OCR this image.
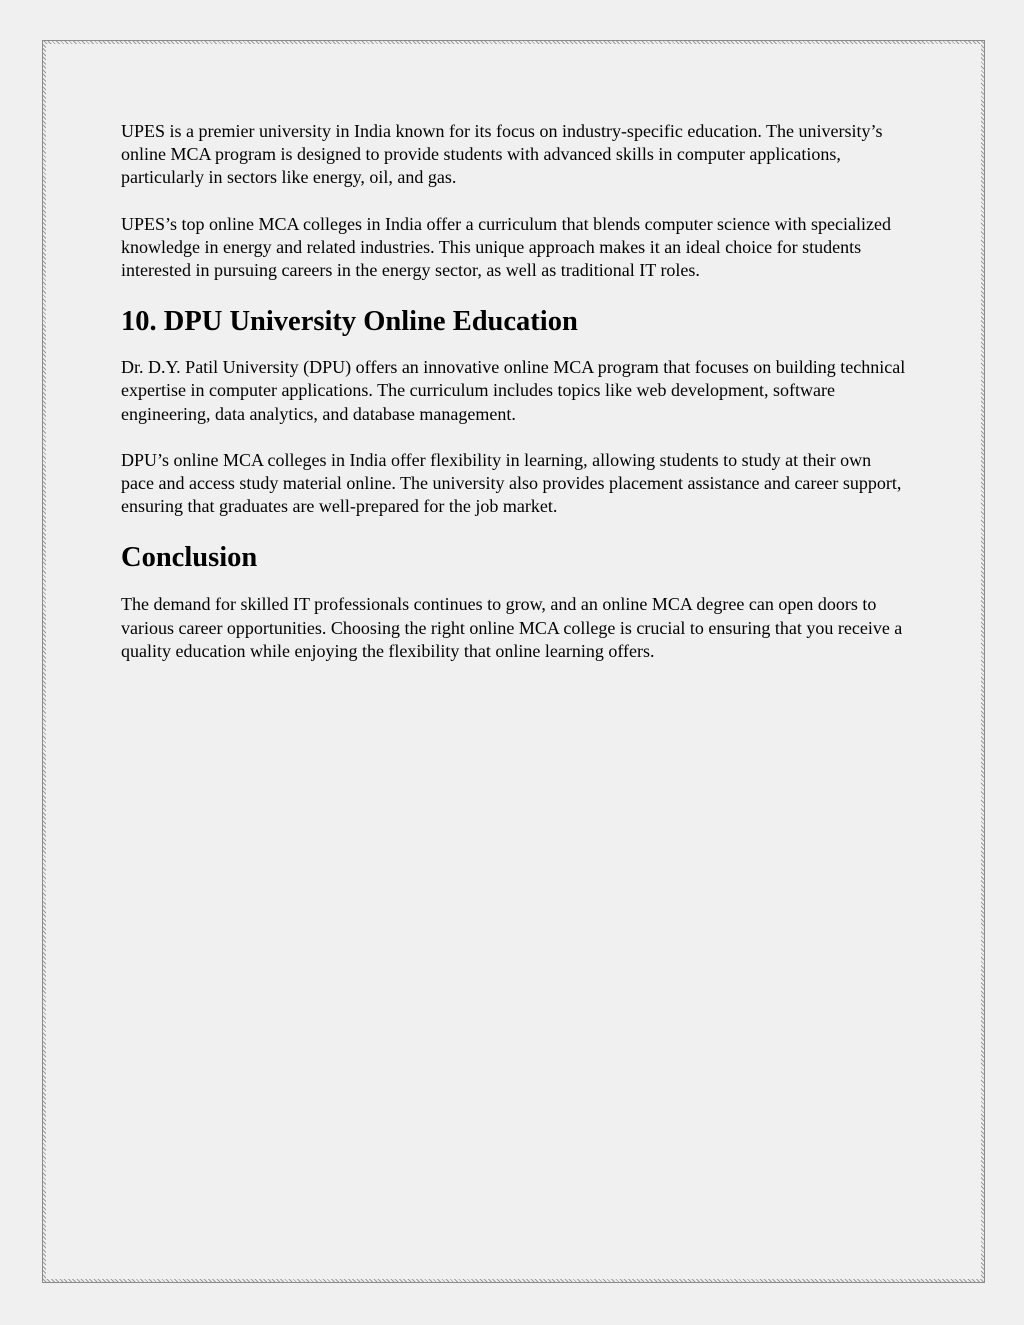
UPES is a premier university in India known for its focus on industry-specific education. The university’s online MCA program is designed to provide students with advanced skills in computer applications, particularly in sectors like energy, oil, and gas.

UPES’s top online MCA colleges in India offer a curriculum that blends computer science with specialized knowledge in energy and related industries. This unique approach makes it an ideal choice for students interested in pursuing careers in the energy sector, as well as traditional IT roles.

10. DPU University Online Education

Dr. D.Y. Patil University (DPU) offers an innovative online MCA program that focuses on building technical expertise in computer applications. The curriculum includes topics like web development, software engineering, data analytics, and database management.

DPU’s online MCA colleges in India offer flexibility in learning, allowing students to study at their own pace and access study material online. The university also provides placement assistance and career support, ensuring that graduates are well-prepared for the job market.

Conclusion

The demand for skilled IT professionals continues to grow, and an online MCA degree can open doors to various career opportunities. Choosing the right online MCA college is crucial to ensuring that you receive a quality education while enjoying the flexibility that online learning offers.
